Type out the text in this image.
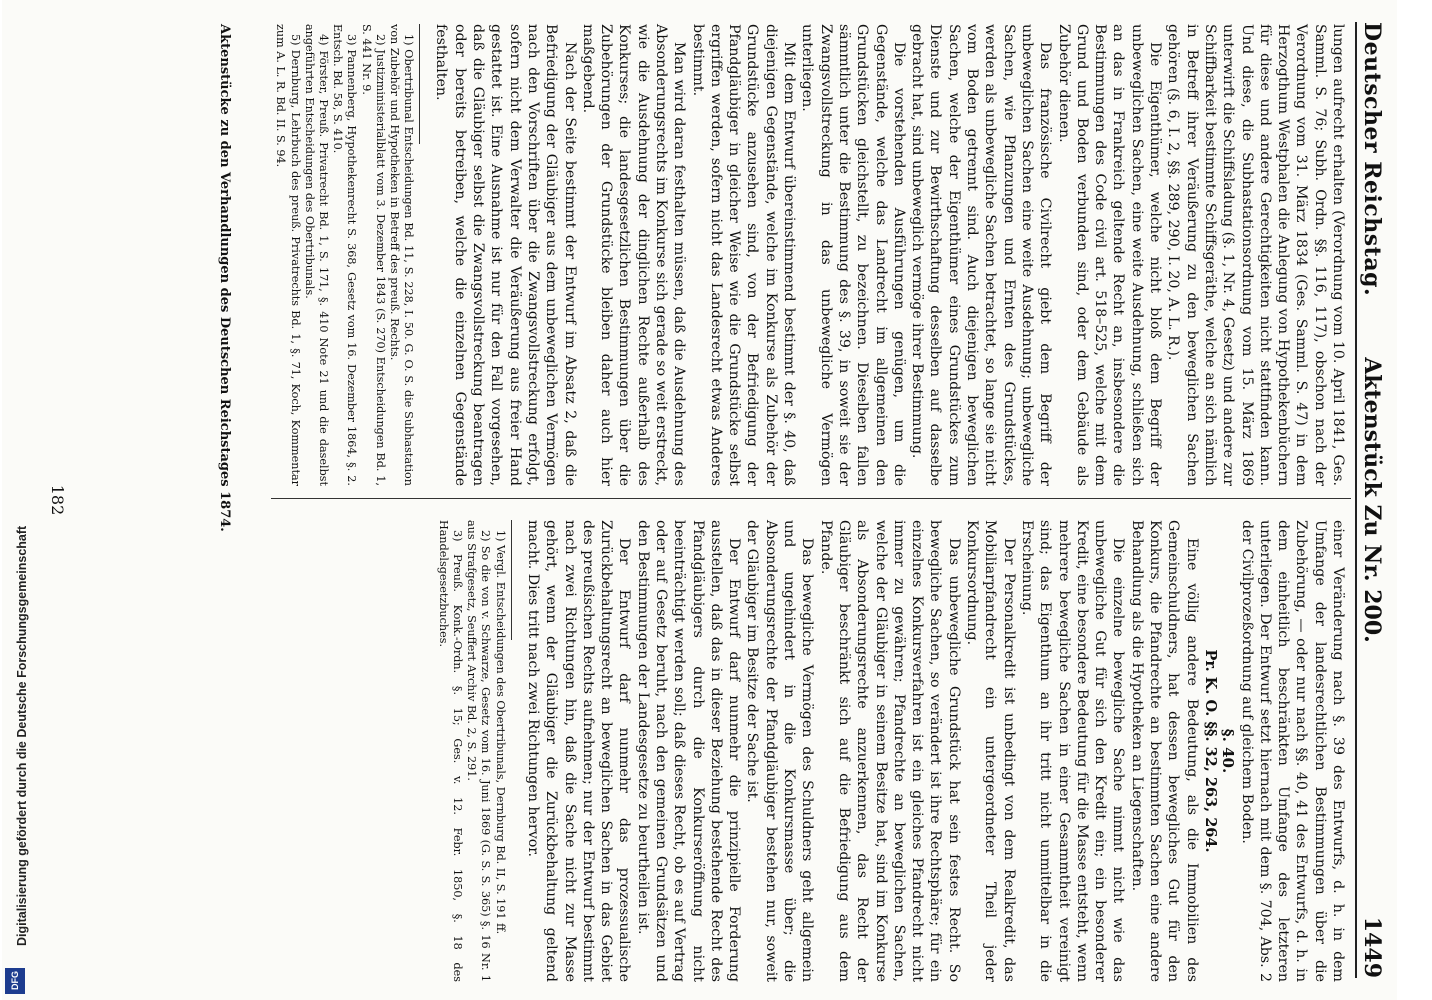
Deutscher Reichstag.
Aktenstück Zu Nr. 200.
1449

lungen aufrecht erhalten (Verordnung vom 10. April 1841, Ges. Samml. S. 76; Subh. Ordn. §§. 116, 117), obschon nach der Verordnung vom 31. März 1834 (Ges. Samml. S. 47) in dem Herzogthum Westphalen die Anlegung von Hypothekenbüchern für diese und andere Gerechtigkeiten nicht stattfinden kann. Und diese, die Subhastationsordnung vom 15. März 1869 unterwirft die Schiffsladung (§. 1, Nr. 4, Gesetz) und andere zur Schiffbarkeit bestimmte Schiffsgeräthe, welche an sich nämlich in Betreff ihrer Veräußerung zu den beweglichen Sachen gehören (§. 6, I. 2, §§. 289, 290, I. 20, A. L. R.).

Die Eigenthümer, welche nicht bloß dem Begriff der unbeweglichen Sachen, eine weite Ausdehnung, schließen sich an das in Frankreich geltende Recht an, insbesondere die Bestimmungen des Code civil art. 518–525, welche mit dem Grund und Boden verbunden sind, oder dem Gebäude als Zubehör dienen.

Das französische Civilrecht giebt dem Begriff der unbeweglichen Sachen eine weite Ausdehnung; unbewegliche Sachen, wie Pflanzungen und Ernten des Grundstückes, werden als unbewegliche Sachen betrachtet, so lange sie nicht vom Boden getrennt sind. Auch diejenigen beweglichen Sachen, welche der Eigenthümer eines Grundstückes zum Dienste und zur Bewirthschaftung desselben auf dasselbe gebracht hat, sind unbeweglich vermöge ihrer Bestimmung.

Die vorstehenden Ausführungen genügen, um die Gegenstände, welche das Landrecht im allgemeinen den Grundstücken gleichstellt, zu bezeichnen. Dieselben fallen sämmtlich unter die Bestimmung des §. 39, in soweit sie der Zwangsvollstreckung in das unbewegliche Vermögen unterliegen.

Mit dem Entwurf übereinstimmend bestimmt der §. 40, daß diejenigen Gegenstände, welche im Konkurse als Zubehör der Grundstücke anzusehen sind, von der Befriedigung der Pfandgläubiger in gleicher Weise wie die Grundstücke selbst ergriffen werden, sofern nicht das Landesrecht etwas Anderes bestimmt.

Man wird daran festhalten müssen, daß die Ausdehnung des Absonderungsrechts im Konkurse sich gerade so weit erstreckt, wie die Ausdehnung der dinglichen Rechte außerhalb des Konkurses; die landesgesetzlichen Bestimmungen über die Zubehörungen der Grundstücke bleiben daher auch hier maßgebend.

Nach der Seite bestimmt der Entwurf im Absatz 2, daß die Befriedigung der Gläubiger aus dem unbeweglichen Vermögen nach den Vorschriften über die Zwangsvollstreckung erfolgt, sofern nicht dem Verwalter die Veräußerung aus freier Hand gestattet ist. Eine Ausnahme ist nur für den Fall vorgesehen, daß die Gläubiger selbst die Zwangsvollstreckung beantragen oder bereits betreiben, welche die einzelnen Gegenstände festhalten.

1) Obertribunal Entscheidungen Bd. 11, S. 228, I. 50. G. O. S. die Subhastation von Zubehör und Hypotheken in Betreff des preuß. Rechts.

2) Justizministerialblatt vom 3. Dezember 1843 (S. 270) Entscheidungen Bd. 1, S. 441 Nr. 9.

3) Pannenberg, Hypothekenrecht S. 368, Gesetz vom 16. Dezember 1864, §. 2. Entsch. Bd. 58, S. 410.

4) Förster, Preuß. Privatrecht Bd. 1, S. 171, §. 410 Note 21 und die daselbst angeführten Entscheidungen des Obertribunals.

5) Dernburg, Lehrbuch des preuß. Privatrechts Bd. 1, §. 71, Koch, Kommentar zum A. L. R. Bd. II. S. 94.

einer Veränderung nach §. 39 des Entwurfs, d. h. in dem Umfange der landesrechtlichen Bestimmungen über die Zubehörung, — oder nur nach §§. 40, 41 des Entwurfs, d. h. in dem einheitlich beschränkten Umfange des letzteren unterliegen. Der Entwurf setzt hiernach mit dem §. 704, Abs. 2 der Civilprozeßordnung auf gleichem Boden.

§. 40.

Pr. K. O. §§. 32, 263, 264.

Eine völlig andere Bedeutung, als die Immobilien des Gemeinschuldners, hat dessen bewegliches Gut für den Konkurs, die Pfandrechte an bestimmten Sachen eine andere Behandlung als die Hypotheken an Liegenschaften.

Die einzelne bewegliche Sache nimmt nicht wie das unbewegliche Gut für sich den Kredit ein; ein besonderer Kredit, eine besondere Bedeutung für die Masse entsteht, wenn mehrere bewegliche Sachen in einer Gesammtheit vereinigt sind; das Eigenthum an ihr tritt nicht unmittelbar in die Erscheinung.

Der Personalkredit ist unbedingt von dem Realkredit, das Mobiliarpfandrecht ein untergeordneter Theil jeder Konkursordnung.

Das unbewegliche Grundstück hat sein festes Recht. So bewegliche Sachen, so verändert ist ihre Rechtsphäre; für ein einzelnes Konkursverfahren ist ein gleiches Pfandrecht nicht immer zu gewähren; Pfandrechte an beweglichen Sachen, welche der Gläubiger in seinem Besitze hat, sind im Konkurse als Absonderungsrechte anzuerkennen, das Recht der Gläubiger beschränkt sich auf die Befriedigung aus dem Pfande.

Das bewegliche Vermögen des Schuldners geht allgemein und ungehindert in die Konkursmasse über; die Absonderungsrechte der Pfandgläubiger bestehen nur, soweit der Gläubiger im Besitze der Sache ist.

Der Entwurf darf nunmehr die prinzipielle Forderung ausstellen, daß das in dieser Beziehung bestehende Recht des Pfandgläubigers durch die Konkurseröffnung nicht beeinträchtigt werden soll; daß dieses Recht, ob es auf Vertrag oder auf Gesetz beruht, nach den gemeinen Grundsätzen und den Bestimmungen der Landesgesetze zu beurtheilen ist.

Der Entwurf darf nunmehr das prozessualische Zurückbehaltungsrecht an beweglichen Sachen in das Gebiet des preußischen Rechts aufnehmen; nur der Entwurf bestimmt nach zwei Richtungen hin, daß die Sache nicht zur Masse gehört, wenn der Gläubiger die Zurückbehaltung geltend macht. Dies tritt nach zwei Richtungen hervor.

1) Vergl. Entscheidungen des Obertribunals, Dernburg Bd. II, S. 191 ff.

2) So die von v. Schwarze, Gesetz vom 16. Juni 1869 (G. S. S. 365) §. 16 Nr. 1 aus Strafgesetz, Seuffert Archiv Bd. 2, S. 291.

3) Preuß. Konk.-Ordn. §. 15; Ges. v. 12. Febr. 1850, §. 18 des Handelsgesetzbuches.

Aktenstücke zu den Verhandlungen des Deutschen Reichstages 1874.
182
Digitalisierung gefördert durch die Deutsche Forschungsgemeinschaft
DFG
